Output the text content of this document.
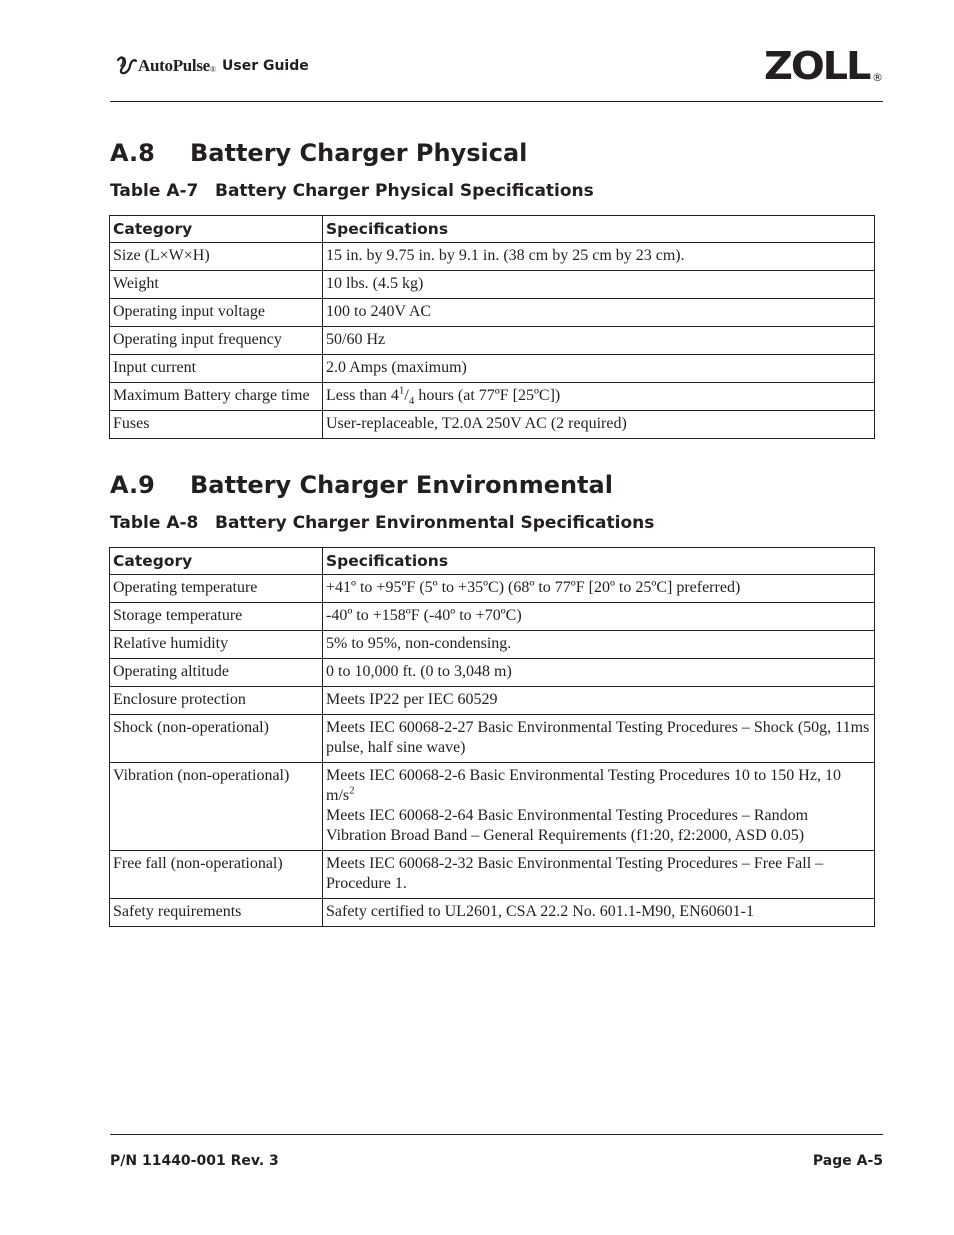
AutoPulse ® User Guide	ZOLL ®
A.8 Battery Charger Physical
Table A-7 Battery Charger Physical Specifications
Category	Specifications
Size (L×W×H)	15 in. by 9.75 in. by 9.1 in. (38 cm by 25 cm by 23 cm).
Weight	10 lbs. (4.5 kg)
Operating input voltage	100 to 240V AC
Operating input frequency	50/60 Hz
Input current	2.0 Amps (maximum)
Maximum Battery charge time	Less than $4^1/_4$ hours (at 77ºF [25ºC])
Fuses	User-replaceable, T2.0A 250V AC (2 required)
A.9 Battery Charger Environmental
Table A-8 Battery Charger Environmental Specifications
Category	Specifications
Operating temperature	+41º to +95ºF (5º to +35ºC) (68º to 77ºF [20º to 25ºC] preferred)
Storage temperature	-40º to +158ºF (-40º to +70ºC)
Relative humidity	5% to 95%, non-condensing.
Operating altitude	0 to 10,000 ft. (0 to 3,048 m)
Enclosure protection	Meets IP22 per IEC 60529
Shock (non-operational)	Meets IEC 60068-2-27 Basic Environmental Testing Procedures – Shock (50g, 11ms pulse, half sine wave)
Vibration (non-operational)	Meets IEC 60068-2-6 Basic Environmental Testing Procedures 10 to 150 Hz, 10 $m/s^2$

Meets IEC 60068-2-64 Basic Environmental Testing Procedures – Random Vibration Broad Band – General Requirements (f1:20, f2:2000, ASD 0.05)

Free fall (non-operational)	Meets IEC 60068-2-32 Basic Environmental Testing Procedures – Free Fall – Procedure 1.
Safety requirements	Safety certified to UL2601, CSA 22.2 No. 601.1-M90, EN60601-1
P/N 11440-001 Rev. 3	Page A-5
